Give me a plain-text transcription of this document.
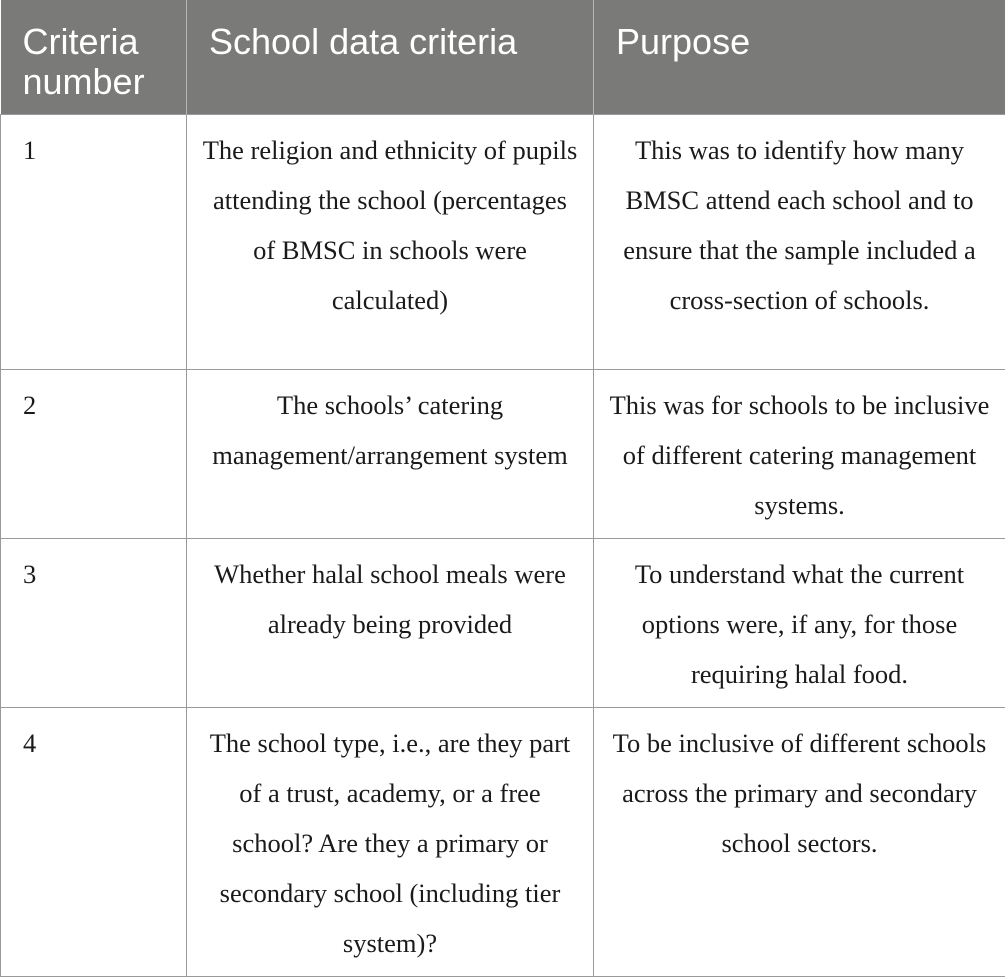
Criteria number	School data criteria	Purpose
1	The religion and ethnicity of pupils attending the school (percentages of BMSC in schools were calculated)	This was to identify how many BMSC attend each school and to ensure that the sample included a cross-section of schools.
2	The schools’ catering management/arrangement system	This was for schools to be inclusive of different catering management systems.
3	Whether halal school meals were already being provided	To understand what the current options were, if any, for those requiring halal food.
4	The school type, i.e., are they part of a trust, academy, or a free school? Are they a primary or secondary school (including tier system)?	To be inclusive of different schools across the primary and secondary school sectors.
